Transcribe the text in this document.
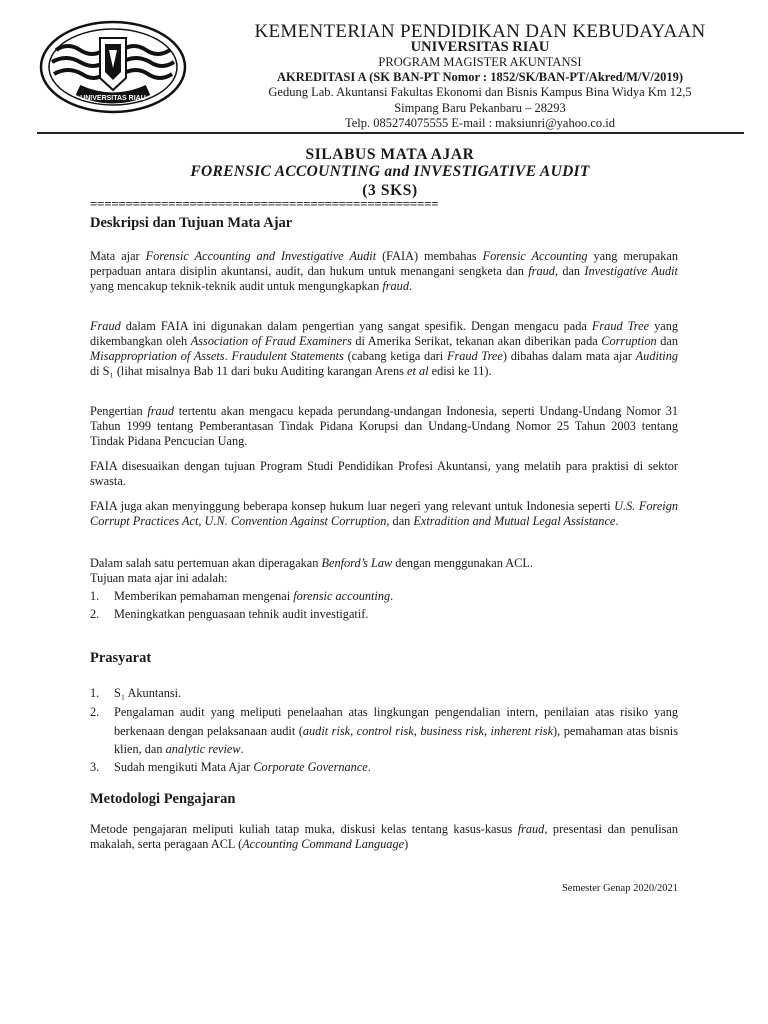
UNIVERSITAS RIAU
KEMENTERIAN PENDIDIKAN DAN KEBUDAYAAN
UNIVERSITAS RIAU
PROGRAM MAGISTER AKUNTANSI
AKREDITASI A (SK BAN-PT Nomor : 1852/SK/BAN-PT/Akred/M/V/2019)
Gedung Lab. Akuntansi Fakultas Ekonomi dan Bisnis Kampus Bina Widya Km 12,5
Simpang Baru Pekanbaru – 28293
Telp. 085274075555 E-mail : maksiunri@yahoo.co.id
SILABUS MATA AJAR
FORENSIC ACCOUNTING and INVESTIGATIVE AUDIT
(3 SKS)
=================================================
Deskripsi dan Tujuan Mata Ajar
Mata ajar Forensic Accounting and Investigative Audit (FAIA) membahas Forensic Accounting yang merupakan perpaduan antara disiplin akuntansi, audit, dan hukum untuk menangani sengketa dan fraud, dan Investigative Audit yang mencakup teknik-teknik audit untuk mengungkapkan fraud.
Fraud dalam FAIA ini digunakan dalam pengertian yang sangat spesifik. Dengan mengacu pada Fraud Tree yang dikembangkan oleh Association of Fraud Examiners di Amerika Serikat, tekanan akan diberikan pada Corruption dan Misappropriation of Assets. Fraudulent Statements (cabang ketiga dari Fraud Tree) dibahas dalam mata ajar Auditing di S₁ (lihat misalnya Bab 11 dari buku Auditing karangan Arens et al edisi ke 11).
Pengertian fraud tertentu akan mengacu kepada perundang-undangan Indonesia, seperti Undang-Undang Nomor 31 Tahun 1999 tentang Pemberantasan Tindak Pidana Korupsi dan Undang-Undang Nomor 25 Tahun 2003 tentang Tindak Pidana Pencucian Uang.
FAIA disesuaikan dengan tujuan Program Studi Pendidikan Profesi Akuntansi, yang melatih para praktisi di sektor swasta.
FAIA juga akan menyinggung beberapa konsep hukum luar negeri yang relevant untuk Indonesia seperti U.S. Foreign Corrupt Practices Act, U.N. Convention Against Corruption, dan Extradition and Mutual Legal Assistance.
Dalam salah satu pertemuan akan diperagakan Benford’s Law dengan menggunakan ACL.
Tujuan mata ajar ini adalah:
1. Memberikan pemahaman mengenai forensic accounting.
2. Meningkatkan penguasaan tehnik audit investigatif.
Prasyarat
1. S₁ Akuntansi.
2. Pengalaman audit yang meliputi penelaahan atas lingkungan pengendalian intern, penilaian atas risiko yang berkenaan dengan pelaksanaan audit (audit risk, control risk, business risk, inherent risk), pemahaman atas bisnis klien, dan analytic review.
3. Sudah mengikuti Mata Ajar Corporate Governance.
Metodologi Pengajaran
Metode pengajaran meliputi kuliah tatap muka, diskusi kelas tentang kasus-kasus fraud, presentasi dan penulisan makalah, serta peragaan ACL (Accounting Command Language)
Semester Genap 2020/2021
